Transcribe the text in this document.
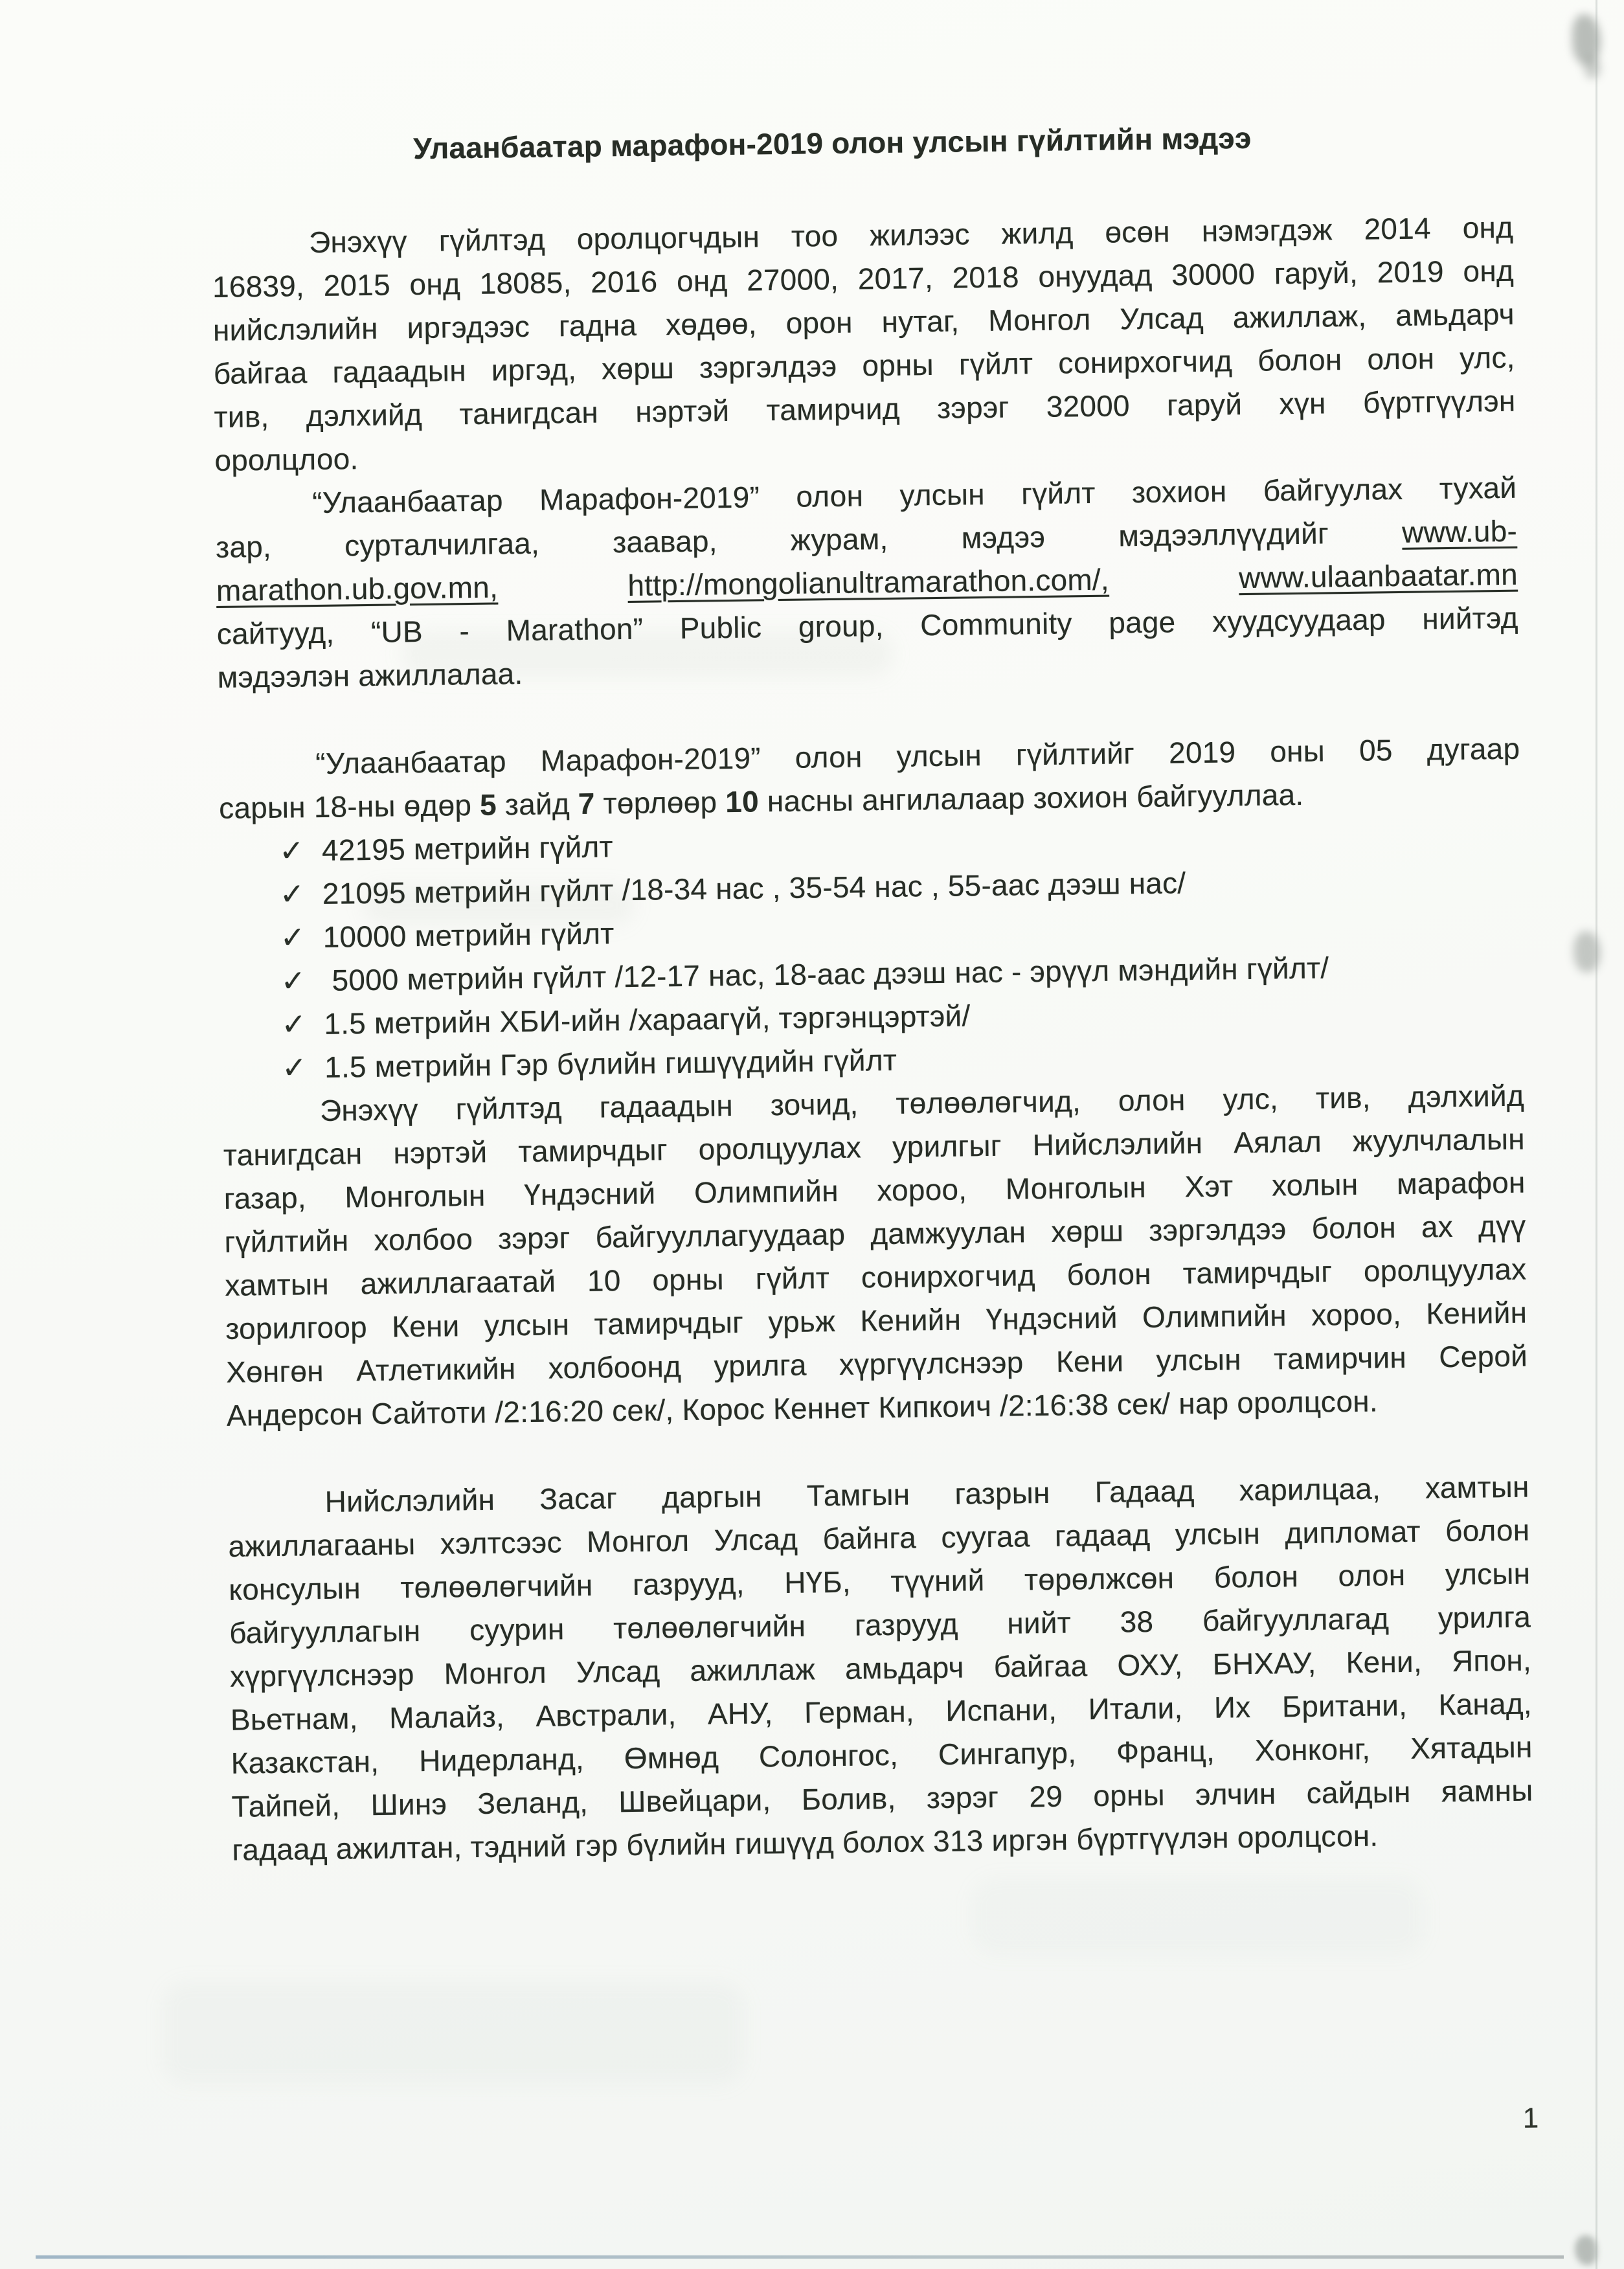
Улаанбаатар марафон-2019 олон улсын гүйлтийн мэдээ
Энэхүү гүйлтэд оролцогчдын тоо жилээс жилд өсөн нэмэгдэж 2014 онд
16839, 2015 онд 18085, 2016 онд 27000, 2017, 2018 онуудад 30000 гаруй, 2019 онд
нийслэлийн иргэдээс гадна хөдөө, орон нутаг, Монгол Улсад ажиллаж, амьдарч
байгаа гадаадын иргэд, хөрш зэргэлдээ орны гүйлт сонирхогчид болон олон улс,
тив, дэлхийд танигдсан нэртэй тамирчид зэрэг 32000 гаруй хүн бүртгүүлэн
оролцлоо.
“Улаанбаатар Марафон-2019” олон улсын гүйлт зохион байгуулах тухай
зар, сурталчилгаа, заавар, журам, мэдээ мэдээллүүдийг www.ub-
marathon.ub.gov.mn,	http://mongolianultramarathon.com/,	www.ulaanbaatar.mn
сайтууд, “UB - Marathon” Public group, Community page хуудсуудаар нийтэд
мэдээлэн ажиллалаа.
“Улаанбаатар Марафон-2019” олон улсын гүйлтийг 2019 оны 05 дугаар
сарын 18-ны өдөр 5 зайд 7 төрлөөр 10 насны ангилалаар зохион байгууллаа.
✓ 42195 метрийн гүйлт
✓ 21095 метрийн гүйлт /18-34 нас , 35-54 нас , 55-аас дээш нас/
✓ 10000 метрийн гүйлт
✓ 5000 метрийн гүйлт /12-17 нас, 18-аас дээш нас - эрүүл мэндийн гүйлт/
✓ 1.5 метрийн ХБИ-ийн /хараагүй, тэргэнцэртэй/
✓ 1.5 метрийн Гэр бүлийн гишүүдийн гүйлт
Энэхүү гүйлтэд гадаадын зочид, төлөөлөгчид, олон улс, тив, дэлхийд
танигдсан нэртэй тамирчдыг оролцуулах урилгыг Нийслэлийн Аялал жуулчлалын
газар, Монголын Үндэсний Олимпийн хороо, Монголын Хэт холын марафон
гүйлтийн холбоо зэрэг байгууллагуудаар дамжуулан хөрш зэргэлдээ болон ах дүү
хамтын ажиллагаатай 10 орны гүйлт сонирхогчид болон тамирчдыг оролцуулах
зорилгоор Кени улсын тамирчдыг урьж Кенийн Үндэсний Олимпийн хороо, Кенийн
Хөнгөн Атлетикийн холбоонд урилга хүргүүлснээр Кени улсын тамирчин Серой
Андерсон Сайтоти /2:16:20 сек/, Корос Кеннет Кипкоич /2:16:38 сек/ нар оролцсон.
Нийслэлийн Засаг даргын Тамгын газрын Гадаад харилцаа, хамтын
ажиллагааны хэлтсээс Монгол Улсад байнга суугаа гадаад улсын дипломат болон
консулын төлөөлөгчийн газрууд, НҮБ, түүний төрөлжсөн болон олон улсын
байгууллагын суурин төлөөлөгчийн газрууд нийт 38 байгууллагад урилга
хүргүүлснээр Монгол Улсад ажиллаж амьдарч байгаа ОХУ, БНХАУ, Кени, Япон,
Вьетнам, Малайз, Австрали, АНУ, Герман, Испани, Итали, Их Британи, Канад,
Казакстан, Нидерланд, Өмнөд Солонгос, Сингапур, Франц, Хонконг, Хятадын
Тайпей, Шинэ Зеланд, Швейцари, Болив, зэрэг 29 орны элчин сайдын яамны
гадаад ажилтан, тэдний гэр бүлийн гишүүд болох 313 иргэн бүртгүүлэн оролцсон.
1
